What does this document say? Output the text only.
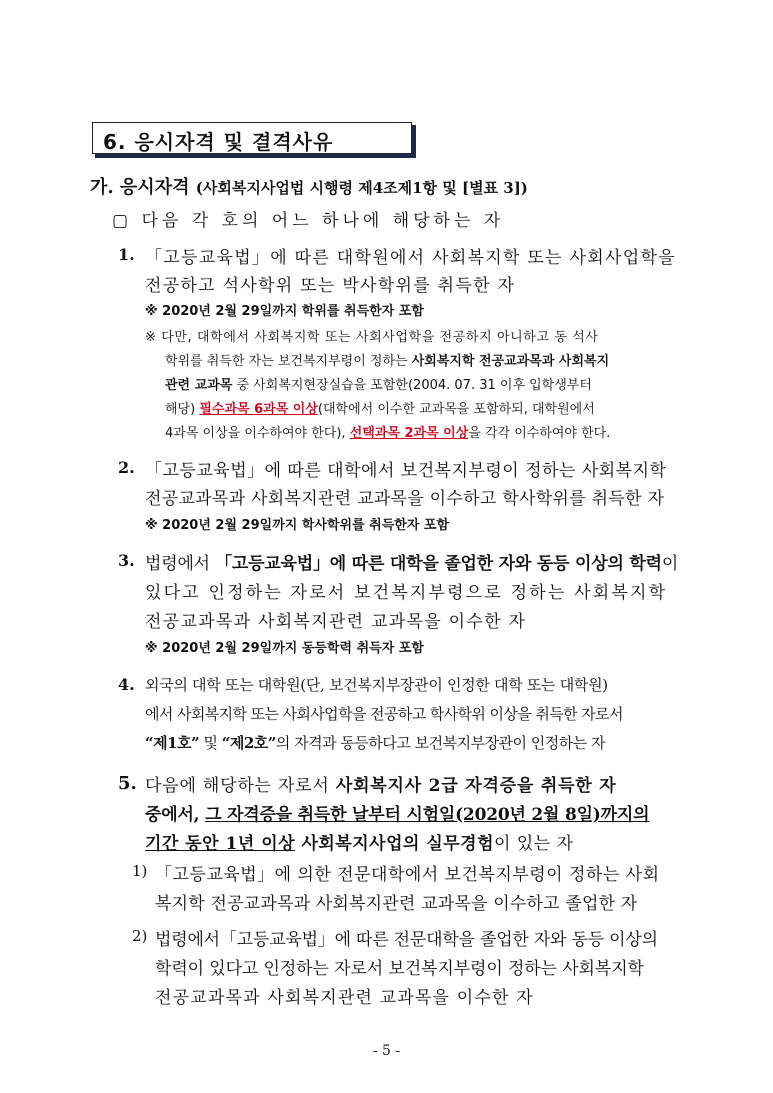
6. 응시자격 및 결격사유
가. 응시자격 (사회복지사업법 시행령 제4조제1항 및 [별표 3])
▢ 다음 각 호의 어느 하나에 해당하는 자
1. 「고등교육법」에 따른 대학원에서 사회복지학 또는 사회사업학을
전공하고 석사학위 또는 박사학위를 취득한 자
※ 2020년 2월 29일까지 학위를 취득한자 포함
※ 다만, 대학에서 사회복지학 또는 사회사업학을 전공하지 아니하고 동 석사
학위를 취득한 자는 보건복지부령이 정하는 사회복지학 전공교과목과 사회복지
관련 교과목 중 사회복지현장실습을 포함한(2004. 07. 31 이후 입학생부터
해당) 필수과목 6과목 이상(대학에서 이수한 교과목을 포함하되, 대학원에서
4과목 이상을 이수하여야 한다), 선택과목 2과목 이상을 각각 이수하여야 한다.
2. 「고등교육법」에 따른 대학에서 보건복지부령이 정하는 사회복지학
전공교과목과 사회복지관련 교과목을 이수하고 학사학위를 취득한 자
※ 2020년 2월 29일까지 학사학위를 취득한자 포함
3. 법령에서 「고등교육법」에 따른 대학을 졸업한 자와 동등 이상의 학력이
있다고 인정하는 자로서 보건복지부령으로 정하는 사회복지학
전공교과목과 사회복지관련 교과목을 이수한 자
※ 2020년 2월 29일까지 동등학력 취득자 포함
4. 외국의 대학 또는 대학원(단, 보건복지부장관이 인정한 대학 또는 대학원)
에서 사회복지학 또는 사회사업학을 전공하고 학사학위 이상을 취득한 자로서
“제1호” 및 “제2호”의 자격과 동등하다고 보건복지부장관이 인정하는 자
5. 다음에 해당하는 자로서 사회복지사 2급 자격증을 취득한 자
중에서, 그 자격증을 취득한 날부터 시험일(2020년 2월 8일)까지의
기간 동안 1년 이상 사회복지사업의 실무경험이 있는 자
1) 「고등교육법」에 의한 전문대학에서 보건복지부령이 정하는 사회
복지학 전공교과목과 사회복지관련 교과목을 이수하고 졸업한 자
2) 법령에서「고등교육법」에 따른 전문대학을 졸업한 자와 동등 이상의
학력이 있다고 인정하는 자로서 보건복지부령이 정하는 사회복지학
전공교과목과 사회복지관련 교과목을 이수한 자
- 5 -
